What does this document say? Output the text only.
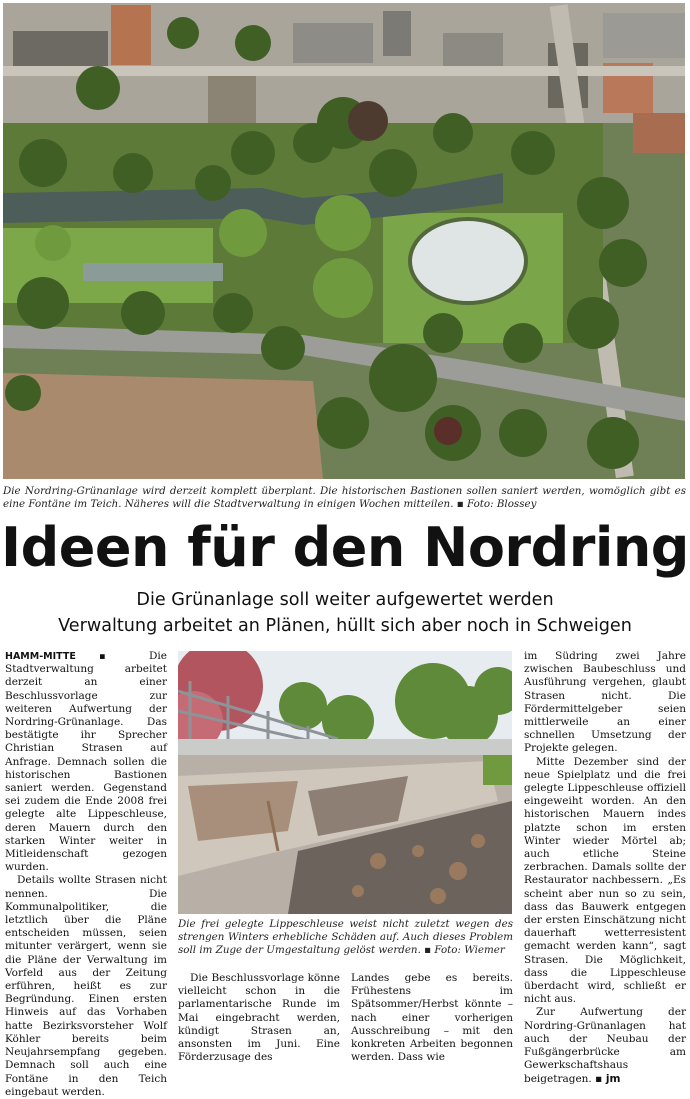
Die Nordring-Grünanlage wird derzeit komplett überplant. Die historischen Bastionen sollen saniert werden, womöglich gibt es eine Fontäne im Teich. Näheres will die Stadtverwaltung in einigen Wochen mitteilen. ▪ Foto: Blossey
Ideen für den Nordring
Die Grünanlage soll weiter aufgewertet werden
Verwaltung arbeitet an Plänen, hüllt sich aber noch in Schweigen

HAMM-MITTE ▪ Die Stadtverwaltung arbeitet derzeit an einer Beschlussvorlage zur weiteren Aufwertung der Nordring-Grünanlage. Das bestätigte ihr Sprecher Christian Strasen auf Anfrage. Demnach sollen die historischen Bastionen saniert werden. Gegenstand sei zudem die Ende 2008 frei gelegte alte Lippeschleuse, deren Mauern durch den starken Winter weiter in Mitleidenschaft gezogen wurden.

Details wollte Strasen nicht nennen. Die Kommunalpolitiker, die letztlich über die Pläne entscheiden müssen, seien mitunter verärgert, wenn sie die Pläne der Verwaltung im Vorfeld aus der Zeitung erführen, heißt es zur Begründung. Einen ersten Hinweis auf das Vorhaben hatte Bezirksvorsteher Wolf Köhler bereits beim Neujahrsempfang gegeben. Demnach soll auch eine Fontäne in den Teich eingebaut werden.

Die frei gelegte Lippeschleuse weist nicht zuletzt wegen des strengen Winters erhebliche Schäden auf. Auch dieses Problem soll im Zuge der Umgestaltung gelöst werden. ▪ Foto: Wiemer

Die Beschlussvorlage könne vielleicht schon in die parlamentarische Runde im Mai eingebracht werden, kündigt Strasen an, ansonsten im Juni. Eine Förderzusage des

Landes gebe es bereits. Frühestens im Spätsommer/Herbst könnte – nach einer vorherigen Ausschreibung – mit den konkreten Arbeiten begonnen werden. Dass wie

im Südring zwei Jahre zwischen Baubeschluss und Ausführung vergehen, glaubt Strasen nicht. Die Fördermittelgeber seien mittlerweile an einer schnellen Umsetzung der Projekte gelegen.

Mitte Dezember sind der neue Spielplatz und die frei gelegte Lippeschleuse offiziell eingeweiht worden. An den historischen Mauern indes platzte schon im ersten Winter wieder Mörtel ab; auch etliche Steine zerbrachen. Damals sollte der Restaurator nachbessern. „Es scheint aber nun so zu sein, dass das Bauwerk entgegen der ersten Einschätzung nicht dauerhaft wetterresistent gemacht werden kann“, sagt Strasen. Die Möglichkeit, dass die Lippeschleuse überdacht wird, schließt er nicht aus.

Zur Aufwertung der Nordring-Grünanlagen hat auch der Neubau der Fußgängerbrücke am Gewerkschaftshaus beigetragen. ▪ jm
